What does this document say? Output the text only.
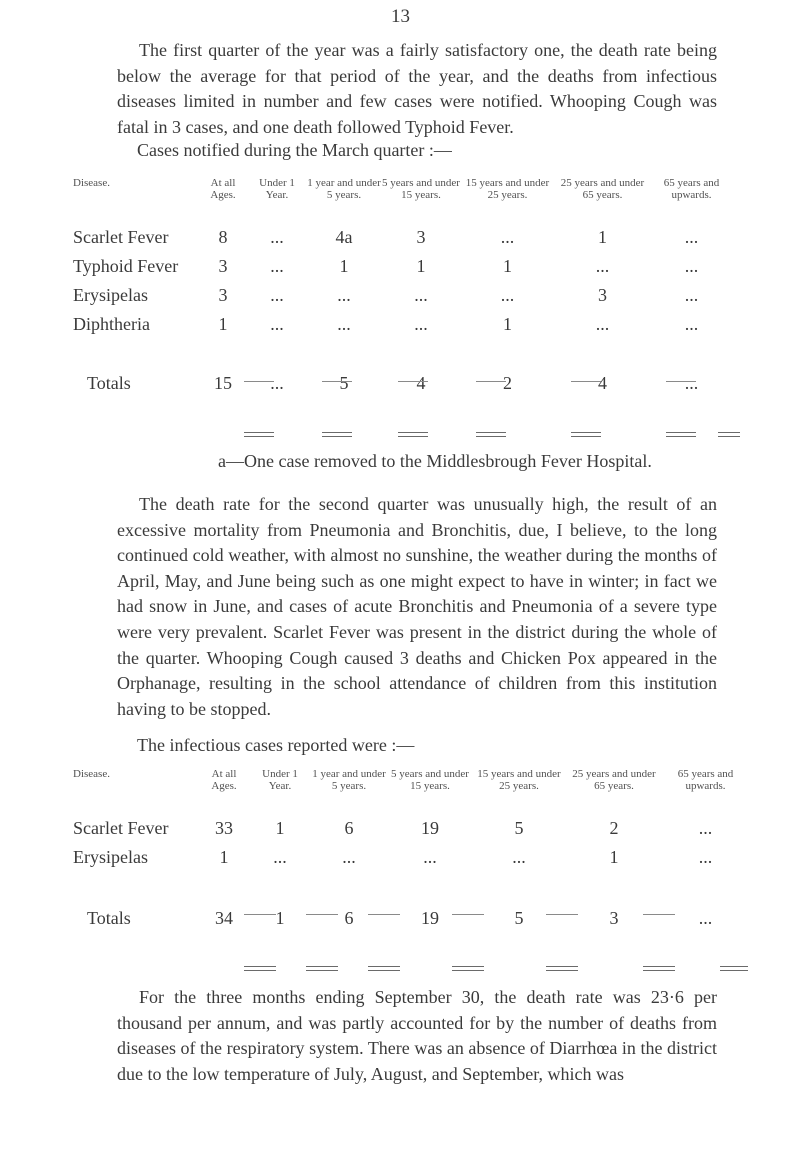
13

The first quarter of the year was a fairly satisfactory one, the death rate being below the average for that period of the year, and the deaths from infectious diseases limited in number and few cases were notified. Whooping Cough was fatal in 3 cases, and one death followed Typhoid Fever.

Cases notified during the March quarter :—

Disease.	At all Ages.	Under 1 Year.	1 year and under 5 years.	5 years and under 15 years.	15 years and under 25 years.	25 years and under 65 years.	65 years and upwards.
Scarlet Fever	8	...	4a	3	...	1	...
Typhoid Fever	3	...	1	1	1	...	...
Erysipelas	3	...	...	...	...	3	...
Diphtheria	1	...	...	...	1	...	...

Totals	15	...	5	4	2	4	...

a—One case removed to the Middlesbrough Fever Hospital.

The death rate for the second quarter was unusually high, the result of an excessive mortality from Pneumonia and Bronchitis, due, I believe, to the long continued cold weather, with almost no sunshine, the weather during the months of April, May, and June being such as one might expect to have in winter; in fact we had snow in June, and cases of acute Bronchitis and Pneumonia of a severe type were very prevalent. Scarlet Fever was present in the district during the whole of the quarter. Whooping Cough caused 3 deaths and Chicken Pox appeared in the Orphanage, resulting in the school attendance of children from this institution having to be stopped.

The infectious cases reported were :—

Disease.	At all Ages.	Under 1 Year.	1 year and under 5 years.	5 years and under 15 years.	15 years and under 25 years.	25 years and under 65 years.	65 years and upwards.
Scarlet Fever	33	1	6	19	5	2	...
Erysipelas	1	...	...	...	...	1	...

Totals	34	1	6	19	5	3	...

For the three months ending September 30, the death rate was 23·6 per thousand per annum, and was partly accounted for by the number of deaths from diseases of the respiratory system. There was an absence of Diarrhœa in the district due to the low temperature of July, August, and September, which was
